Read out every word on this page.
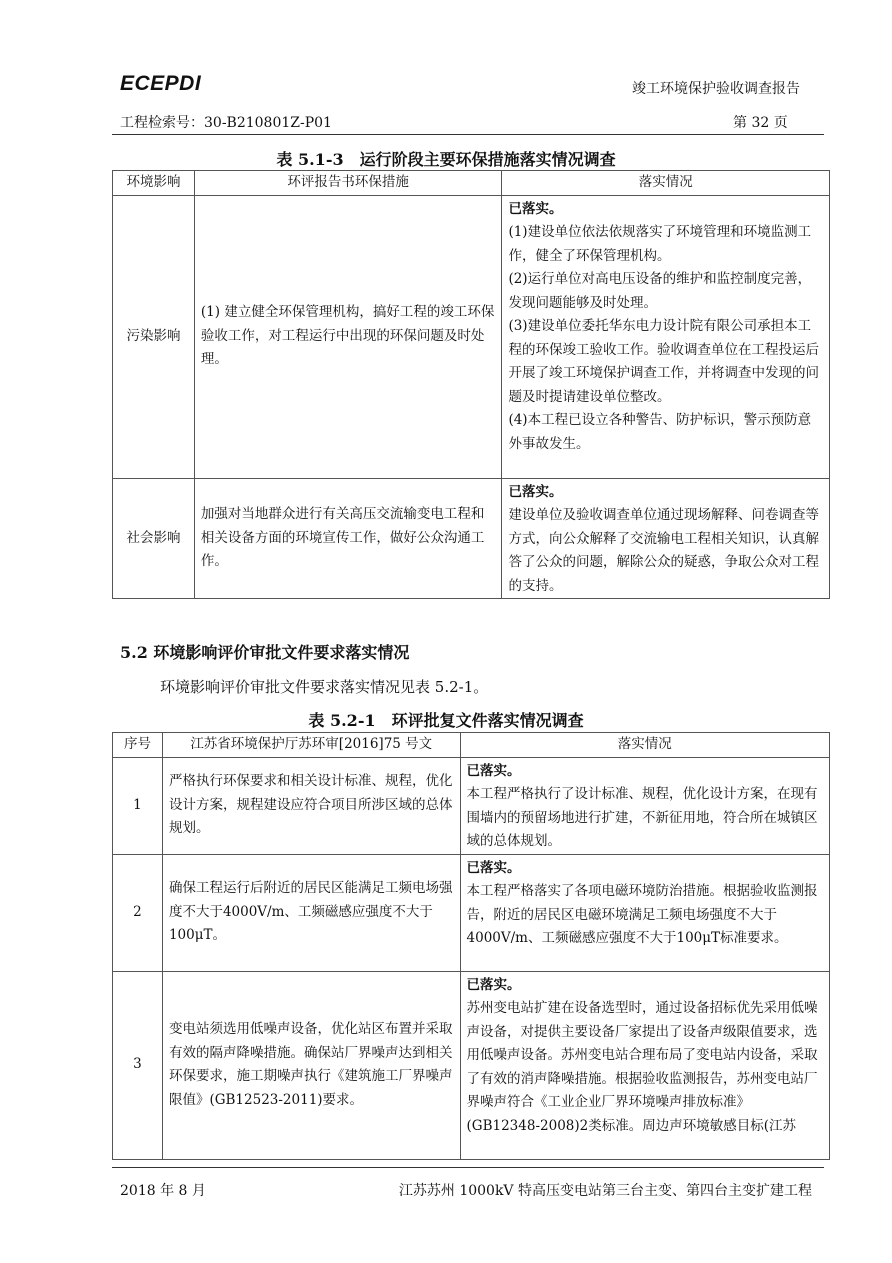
ECEPDI	竣工环境保护验收调查报告
工程检索号：30-B210801Z-P01	第 32 页
表 5.1-3　运行阶段主要环保措施落实情况调查
环境影响	环评报告书环保措施	落实情况
污染影响	(1) 建立健全环保管理机构，搞好工程的竣工环保验收工作，对工程运行中出现的环保问题及时处理。	已落实。

(1)建设单位依法依规落实了环境管理和环境监测工作，健全了环保管理机构。

(2)运行单位对高电压设备的维护和监控制度完善，发现问题能够及时处理。

(3)建设单位委托华东电力设计院有限公司承担本工程的环保竣工验收工作。验收调查单位在工程投运后开展了竣工环境保护调查工作，并将调查中发现的问题及时提请建设单位整改。

(4)本工程已设立各种警告、防护标识，警示预防意外事故发生。

社会影响	加强对当地群众进行有关高压交流输变电工程和相关设备方面的环境宣传工作，做好公众沟通工作。	已落实。

建设单位及验收调查单位通过现场解释、问卷调查等方式，向公众解释了交流输电工程相关知识，认真解答了公众的问题，解除公众的疑惑，争取公众对工程的支持。

5.2 环境影响评价审批文件要求落实情况
环境影响评价审批文件要求落实情况见表 5.2-1。
表 5.2-1　环评批复文件落实情况调查
序号	江苏省环境保护厅苏环审[2016]75 号文	落实情况
1	严格执行环保要求和相关设计标准、规程，优化设计方案，规程建设应符合项目所涉区域的总体规划。	已落实。

本工程严格执行了设计标准、规程，优化设计方案，在现有围墙内的预留场地进行扩建，不新征用地，符合所在城镇区域的总体规划。

2	确保工程运行后附近的居民区能满足工频电场强度不大于4000V/m、工频磁感应强度不大于100μT。	已落实。

本工程严格落实了各项电磁环境防治措施。根据验收监测报告，附近的居民区电磁环境满足工频电场强度不大于4000V/m、工频磁感应强度不大于100μT标准要求。

3	变电站须选用低噪声设备，优化站区布置并采取有效的隔声降噪措施。确保站厂界噪声达到相关环保要求，施工期噪声执行《建筑施工厂界噪声限值》(GB12523-2011)要求。	已落实。

苏州变电站扩建在设备选型时，通过设备招标优先采用低噪声设备，对提供主要设备厂家提出了设备声级限值要求，选用低噪声设备。苏州变电站合理布局了变电站内设备，采取了有效的消声降噪措施。根据验收监测报告，苏州变电站厂界噪声符合《工业企业厂界环境噪声排放标准》(GB12348-2008)2类标准。周边声环境敏感目标(江苏

2018 年 8 月	江苏苏州 1000kV 特高压变电站第三台主变、第四台主变扩建工程
